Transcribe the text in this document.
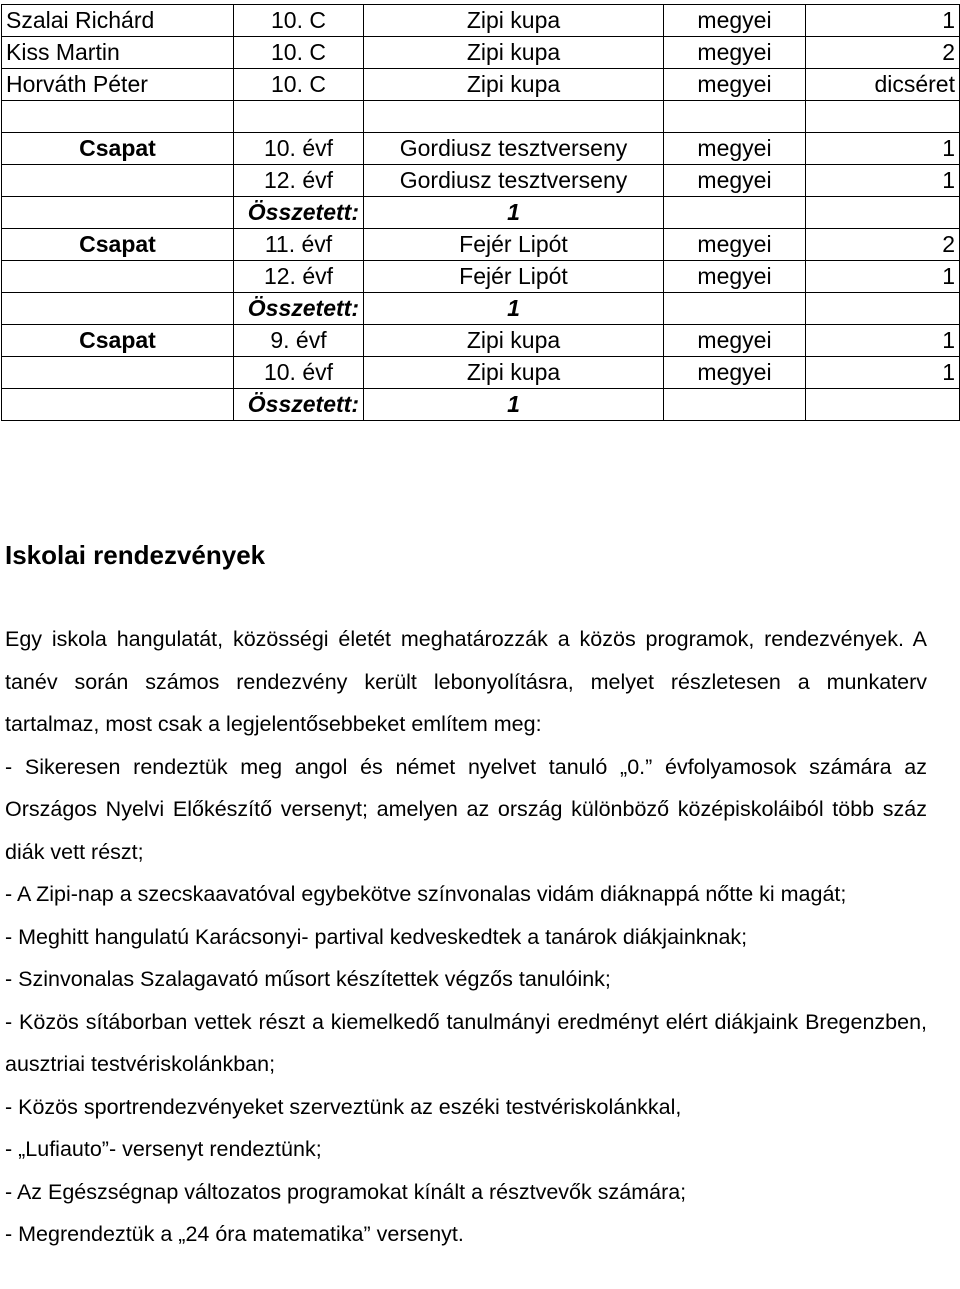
Szalai Richárd	10. C	Zipi kupa	megyei	1
Kiss Martin	10. C	Zipi kupa	megyei	2
Horváth Péter	10. C	Zipi kupa	megyei	dicséret

Csapat	10. évf	Gordiusz tesztverseny	megyei	1
	12. évf	Gordiusz tesztverseny	megyei	1
	Összetett:	1		
Csapat	11. évf	Fejér Lipót	megyei	2
	12. évf	Fejér Lipót	megyei	1
	Összetett:	1		
Csapat	9. évf	Zipi kupa	megyei	1
	10. évf	Zipi kupa	megyei	1
	Összetett:	1		
Iskolai rendezvények

Egy iskola hangulatát, közösségi életét meghatározzák a közös programok, rendezvények. A tanév során számos rendezvény került lebonyolításra, melyet részletesen a munkaterv tartalmaz, most csak a legjelentősebbeket említem meg:

- Sikeresen rendeztük meg angol és német nyelvet tanuló „0.” évfolyamosok számára az Országos Nyelvi Előkészítő versenyt; amelyen az ország különböző középiskoláiból több száz diák vett részt;

- A Zipi-nap a szecskaavatóval egybekötve színvonalas vidám diáknappá nőtte ki magát;

- Meghitt hangulatú Karácsonyi- partival kedveskedtek a tanárok diákjainknak;

- Szinvonalas Szalagavató műsort készítettek végzős tanulóink;

- Közös sítáborban vettek részt a kiemelkedő tanulmányi eredményt elért diákjaink Bregenzben, ausztriai testvériskolánkban;

- Közös sportrendezvényeket szerveztünk az eszéki testvériskolánkkal,

- „Lufiauto”- versenyt rendeztünk;

- Az Egészségnap változatos programokat kínált a résztvevők számára;

- Megrendeztük a „24 óra matematika” versenyt.
